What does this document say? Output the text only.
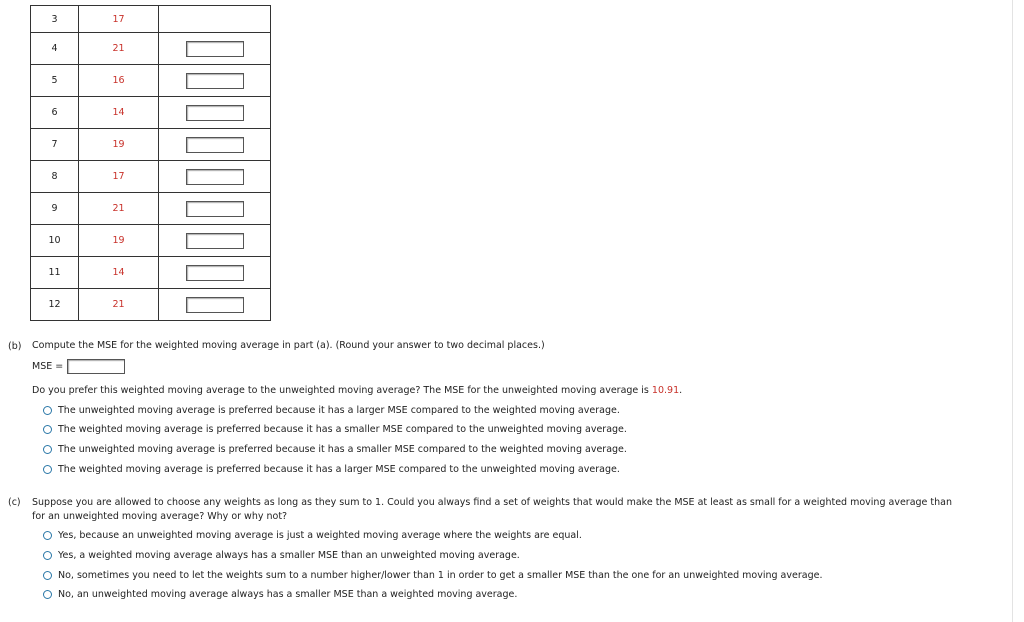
3	17	
4	21	
5	16	
6	14	
7	19	
8	17	
9	21	
10	19	
11	14	
12	21	
(b) Compute the MSE for the weighted moving average in part (a). (Round your answer to two decimal places.)
MSE =
Do you prefer this weighted moving average to the unweighted moving average? The MSE for the unweighted moving average is 10.91.
The unweighted moving average is preferred because it has a larger MSE compared to the weighted moving average.
The weighted moving average is preferred because it has a smaller MSE compared to the unweighted moving average.
The unweighted moving average is preferred because it has a smaller MSE compared to the weighted moving average.
The weighted moving average is preferred because it has a larger MSE compared to the unweighted moving average.
(c) Suppose you are allowed to choose any weights as long as they sum to 1. Could you always find a set of weights that would make the MSE at least as small for a weighted moving average than
for an unweighted moving average? Why or why not?
Yes, because an unweighted moving average is just a weighted moving average where the weights are equal.
Yes, a weighted moving average always has a smaller MSE than an unweighted moving average.
No, sometimes you need to let the weights sum to a number higher/lower than 1 in order to get a smaller MSE than the one for an unweighted moving average.
No, an unweighted moving average always has a smaller MSE than a weighted moving average.
